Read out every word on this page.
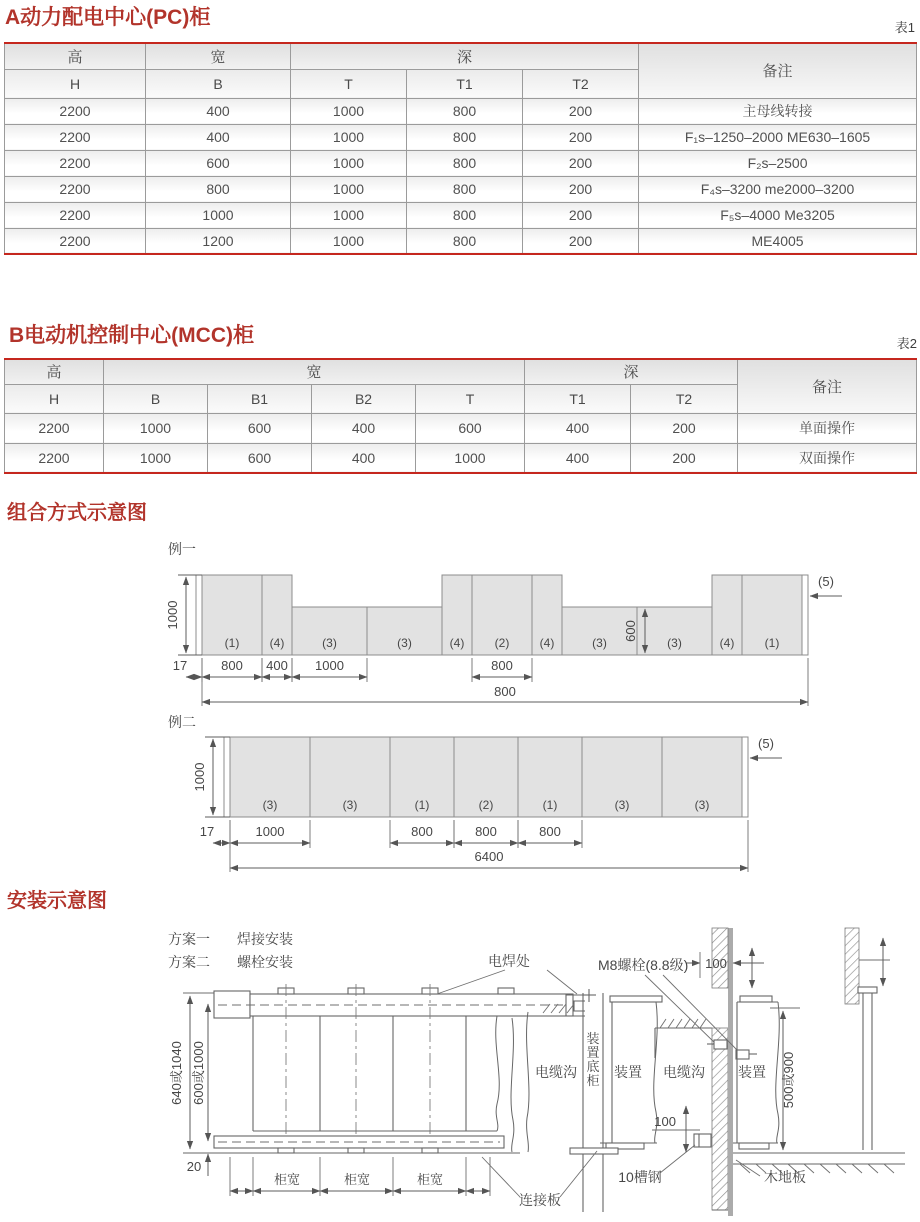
A动力配电中心(PC)柜	表1
高	宽	深			备注
H	B	T	T1	T2	
2200	400	1000	800	200	主母线转接
2200	400	1000	800	200	F₁s–1250–2000 ME630–1605
2200	600	1000	800	200	F₂s–2500
2200	800	1000	800	200	F₄s–3200 me2000–3200
2200	1000	1000	800	200	F₅s–4000 Me3205
2200	1200	1000	800	200	ME4005
B电动机控制中心(MCC)柜	表2
高	宽				深		备注
H	B	B1	B2	T	T1	T2	
2200	1000	600	400	600	400	200	单面操作
2200	1000	600	400	1000	400	200	双面操作
组合方式示意图
例一
(1)	(4)	(3)	(3)	(4)	(2)	(4)	(3)	(3)	(4)	(1)
1000
17	800 400 1000	800
800
(5)
600
例二
(3)	(3)	(1)	(2)	(1)	(3)	(3)
1000
17	1000	800	800	800
6400
(5)
安装示意图
方案一 焊接安装
方案二 螺栓安装
640或1040 600或1000
20
柜宽	柜宽	柜宽
电焊处
装置底柜
电缆沟	装置 电缆沟
100
M8螺栓(8.8级)
装置 500或900
木地板
连接板
10槽钢
100
